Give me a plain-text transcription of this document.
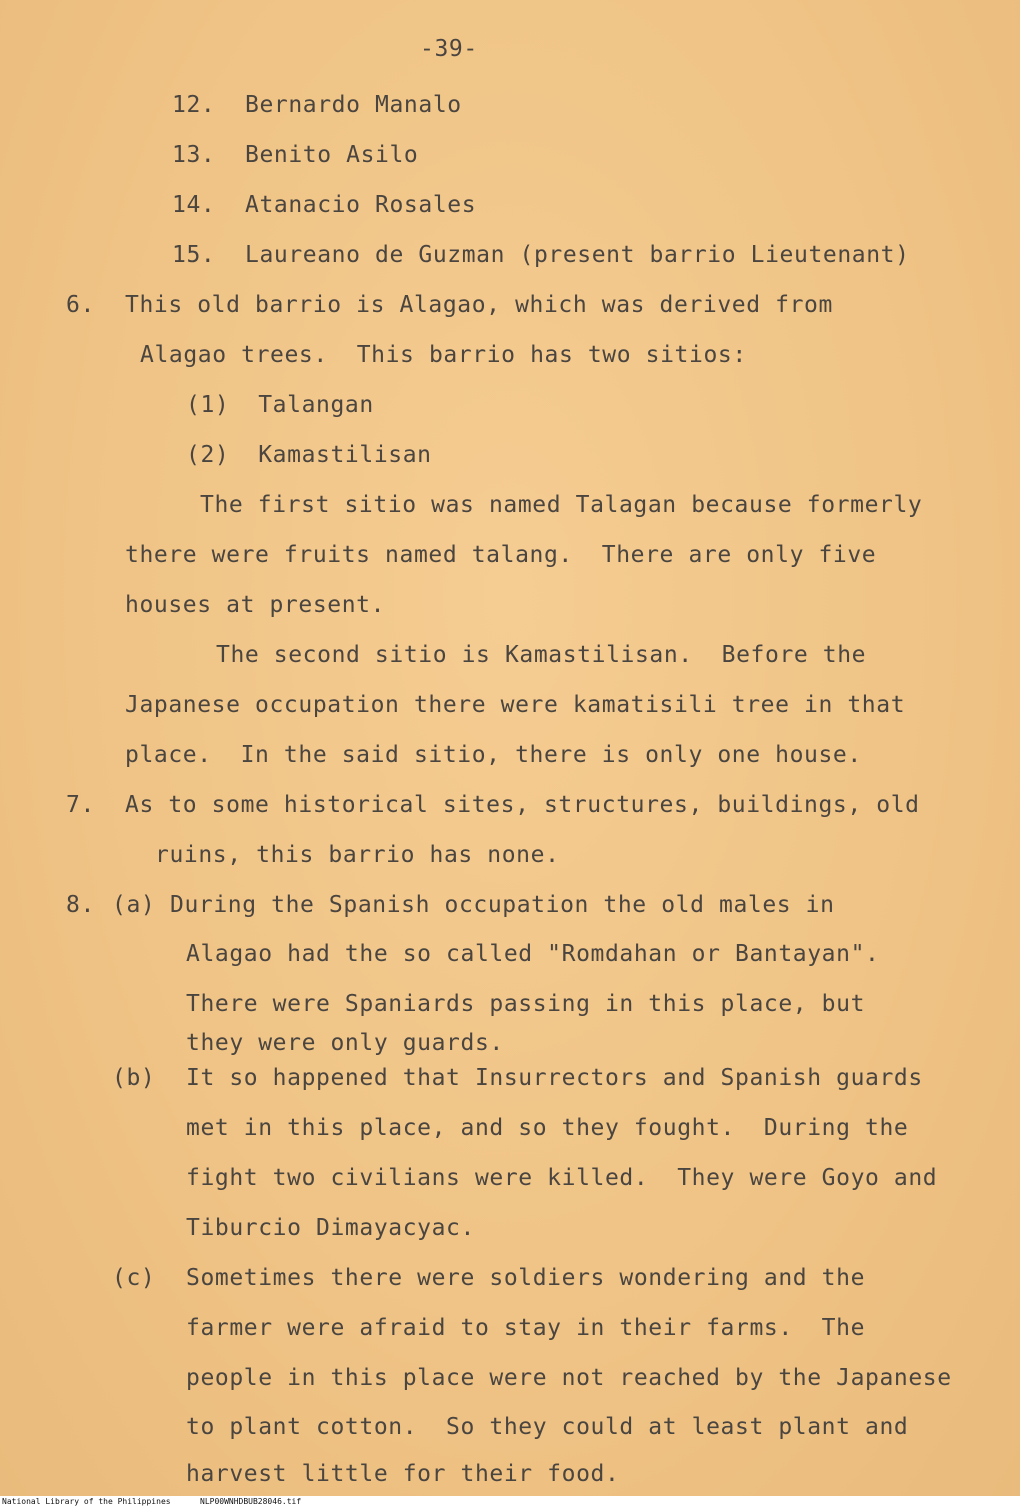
-39-
12. Bernardo Manalo
13. Benito Asilo
14. Atanacio Rosales
15. Laureano de Guzman (present barrio Lieutenant)
6. This old barrio is Alagao, which was derived from
Alagao trees.  This barrio has two sitios:
(1)  Talangan
(2)  Kamastilisan
The first sitio was named Talagan because formerly
there were fruits named talang.  There are only five
houses at present.
The second sitio is Kamastilisan.  Before the
Japanese occupation there were kamatisili tree in that
place.  In the said sitio, there is only one house.
7. As to some historical sites, structures, buildings, old
ruins, this barrio has none.
8. (a) During the Spanish occupation the old males in
Alagao had the so called "Romdahan or Bantayan".
There were Spaniards passing in this place, but
they were only guards.
(b) It so happened that Insurrectors and Spanish guards
met in this place, and so they fought.  During the
fight two civilians were killed.  They were Goyo and
Tiburcio Dimayacyac.
(c) Sometimes there were soldiers wondering and the
farmer were afraid to stay in their farms.  The
people in this place were not reached by the Japanese
to plant cotton.  So they could at least plant and
harvest little for their food.
National Library of the Philippines	NLP00WNHDBUB28046.tif
